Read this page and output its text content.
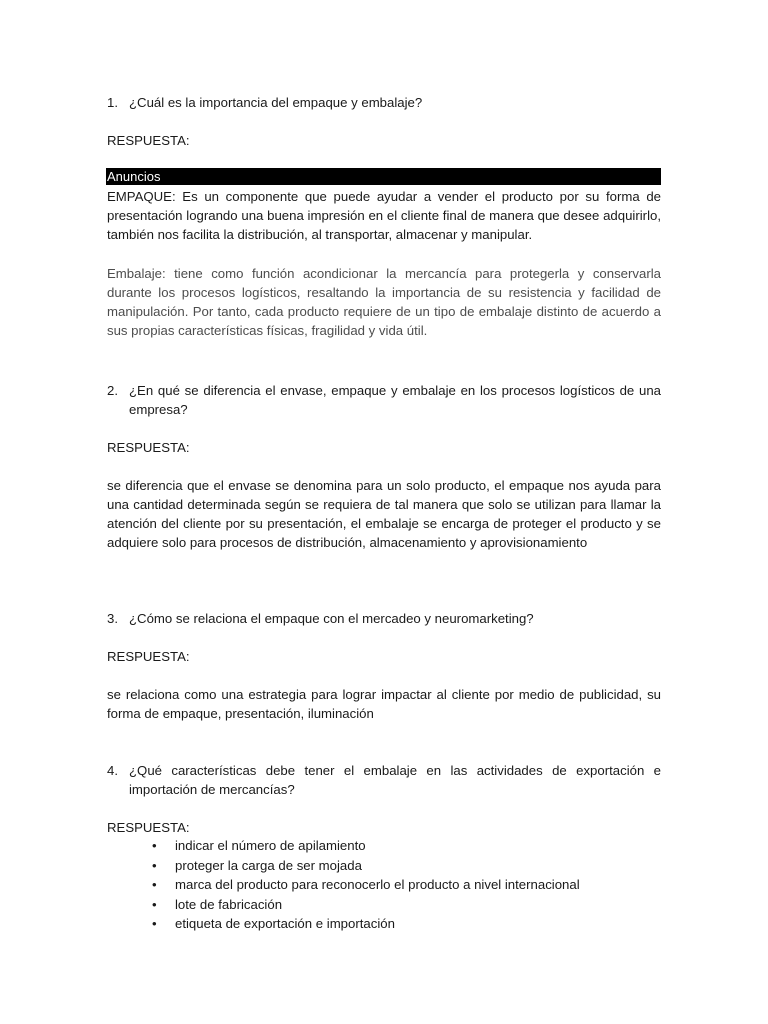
1. ¿Cuál es la importancia del empaque y embalaje?
RESPUESTA:
Anuncios

EMPAQUE: Es un componente que puede ayudar a vender el producto por su forma de presentación logrando una buena impresión en el cliente final de manera que desee adquirirlo, también nos facilita la distribución, al transportar, almacenar y manipular.

Embalaje: tiene como función acondicionar la mercancía para protegerla y conservarla durante los procesos logísticos, resaltando la importancia de su resistencia y facilidad de manipulación. Por tanto, cada producto requiere de un tipo de embalaje distinto de acuerdo a sus propias características físicas, fragilidad y vida útil.

2. ¿En qué se diferencia el envase, empaque y embalaje en los procesos logísticos de una empresa?
RESPUESTA:

se diferencia que el envase se denomina para un solo producto, el empaque nos ayuda para una cantidad determinada según se requiera de tal manera que solo se utilizan para llamar la atención del cliente por su presentación, el embalaje se encarga de proteger el producto y se adquiere solo para procesos de distribución, almacenamiento y aprovisionamiento

3. ¿Cómo se relaciona el empaque con el mercadeo y neuromarketing?
RESPUESTA:

se relaciona como una estrategia para lograr impactar al cliente por medio de publicidad, su forma de empaque, presentación, iluminación

4. ¿Qué características debe tener el embalaje en las actividades de exportación e importación de mercancías?
RESPUESTA:
• indicar el número de apilamiento
• proteger la carga de ser mojada
• marca del producto para reconocerlo el producto a nivel internacional
• lote de fabricación
• etiqueta de exportación e importación
